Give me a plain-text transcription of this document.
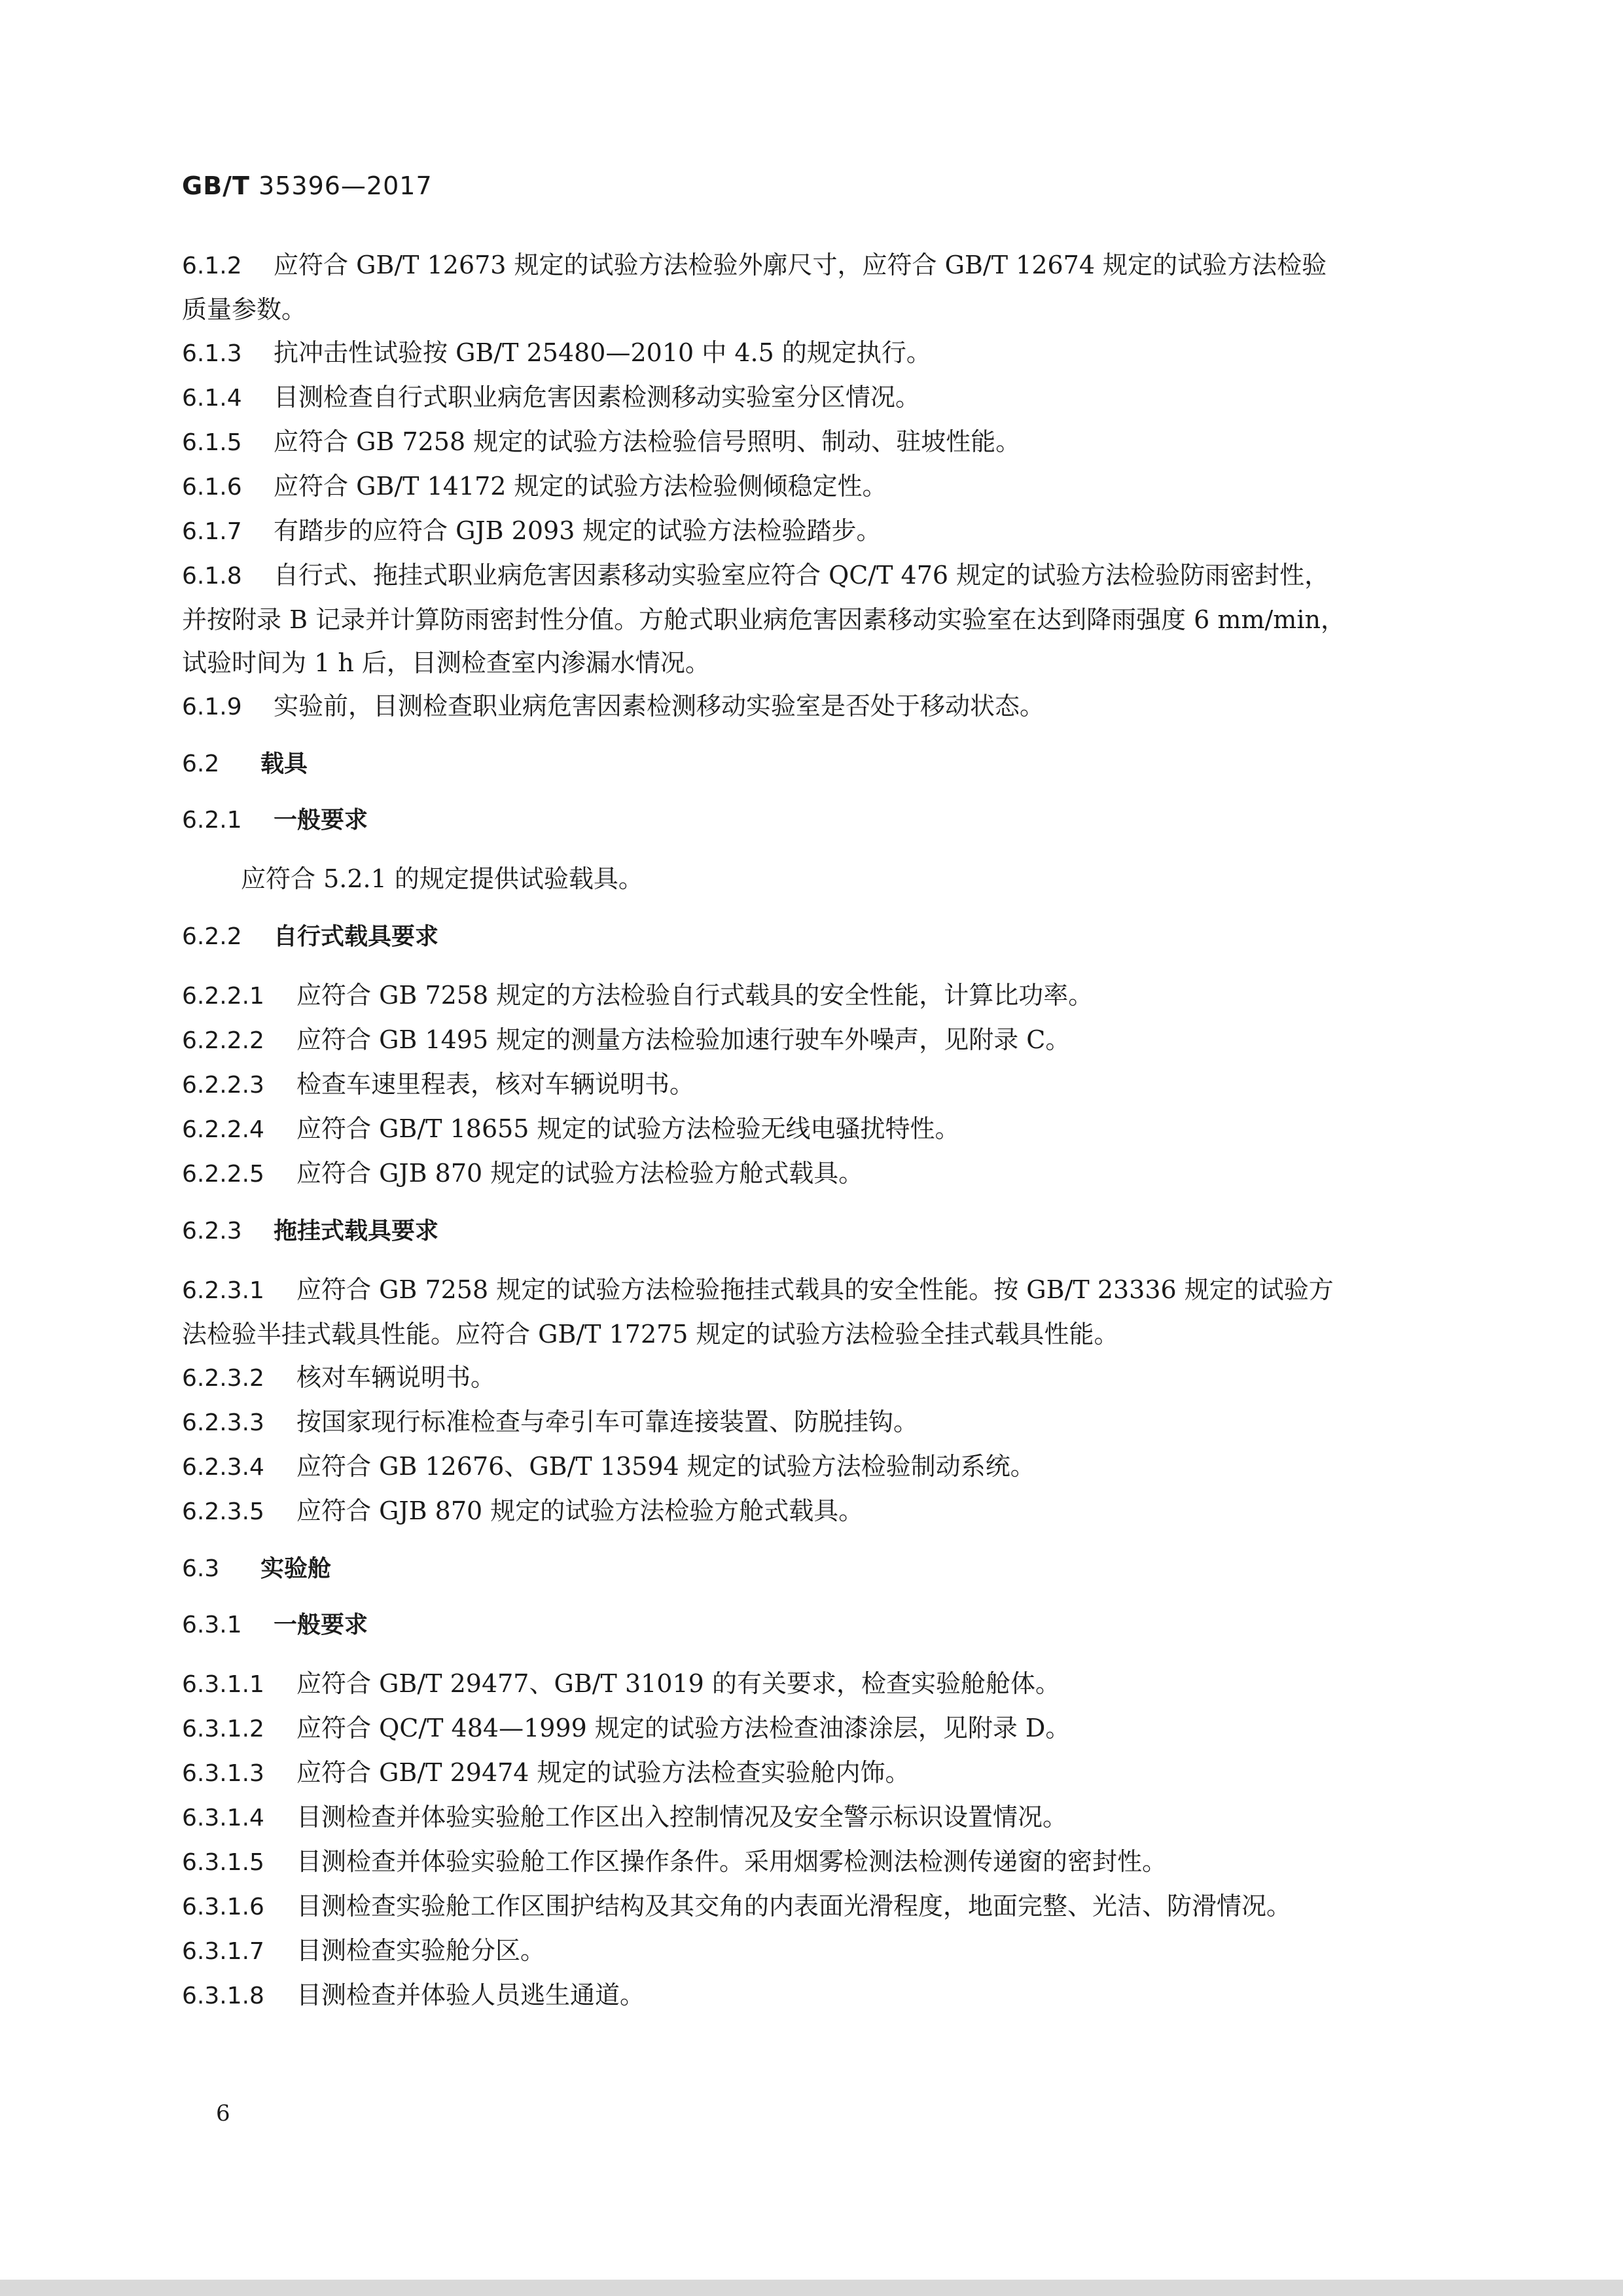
GB/T 35396—2017

6.1.2	应符合 GB/T 12673 规定的试验方法检验外廓尺寸，应符合 GB/T 12674 规定的试验方法检验

质量参数。

6.1.3	抗冲击性试验按 GB/T 25480—2010 中 4.5 的规定执行。

6.1.4	目测检查自行式职业病危害因素检测移动实验室分区情况。

6.1.5	应符合 GB 7258 规定的试验方法检验信号照明、制动、驻坡性能。

6.1.6	应符合 GB/T 14172 规定的试验方法检验侧倾稳定性。

6.1.7	有踏步的应符合 GJB 2093 规定的试验方法检验踏步。

6.1.8	自行式、拖挂式职业病危害因素移动实验室应符合 QC/T 476 规定的试验方法检验防雨密封性，

并按附录 B 记录并计算防雨密封性分值。方舱式职业病危害因素移动实验室在达到降雨强度 6 mm/min，

试验时间为 1 h 后，目测检查室内渗漏水情况。

6.1.9	实验前，目测检查职业病危害因素检测移动实验室是否处于移动状态。

6.2	载具
6.2.1	一般要求

应符合 5.2.1 的规定提供试验载具。

6.2.2	自行式载具要求

6.2.2.1	应符合 GB 7258 规定的方法检验自行式载具的安全性能，计算比功率。

6.2.2.2	应符合 GB 1495 规定的测量方法检验加速行驶车外噪声，见附录 C。

6.2.2.3	检查车速里程表，核对车辆说明书。

6.2.2.4	应符合 GB/T 18655 规定的试验方法检验无线电骚扰特性。

6.2.2.5	应符合 GJB 870 规定的试验方法检验方舱式载具。

6.2.3	拖挂式载具要求

6.2.3.1	应符合 GB 7258 规定的试验方法检验拖挂式载具的安全性能。按 GB/T 23336 规定的试验方

法检验半挂式载具性能。应符合 GB/T 17275 规定的试验方法检验全挂式载具性能。

6.2.3.2	核对车辆说明书。

6.2.3.3	按国家现行标准检查与牵引车可靠连接装置、防脱挂钩。

6.2.3.4	应符合 GB 12676、GB/T 13594 规定的试验方法检验制动系统。

6.2.3.5	应符合 GJB 870 规定的试验方法检验方舱式载具。

6.3	实验舱
6.3.1	一般要求

6.3.1.1	应符合 GB/T 29477、GB/T 31019 的有关要求，检查实验舱舱体。

6.3.1.2	应符合 QC/T 484—1999 规定的试验方法检查油漆涂层，见附录 D。

6.3.1.3	应符合 GB/T 29474 规定的试验方法检查实验舱内饰。

6.3.1.4	目测检查并体验实验舱工作区出入控制情况及安全警示标识设置情况。

6.3.1.5	目测检查并体验实验舱工作区操作条件。采用烟雾检测法检测传递窗的密封性。

6.3.1.6	目测检查实验舱工作区围护结构及其交角的内表面光滑程度，地面完整、光洁、防滑情况。

6.3.1.7	目测检查实验舱分区。

6.3.1.8	目测检查并体验人员逃生通道。

6
